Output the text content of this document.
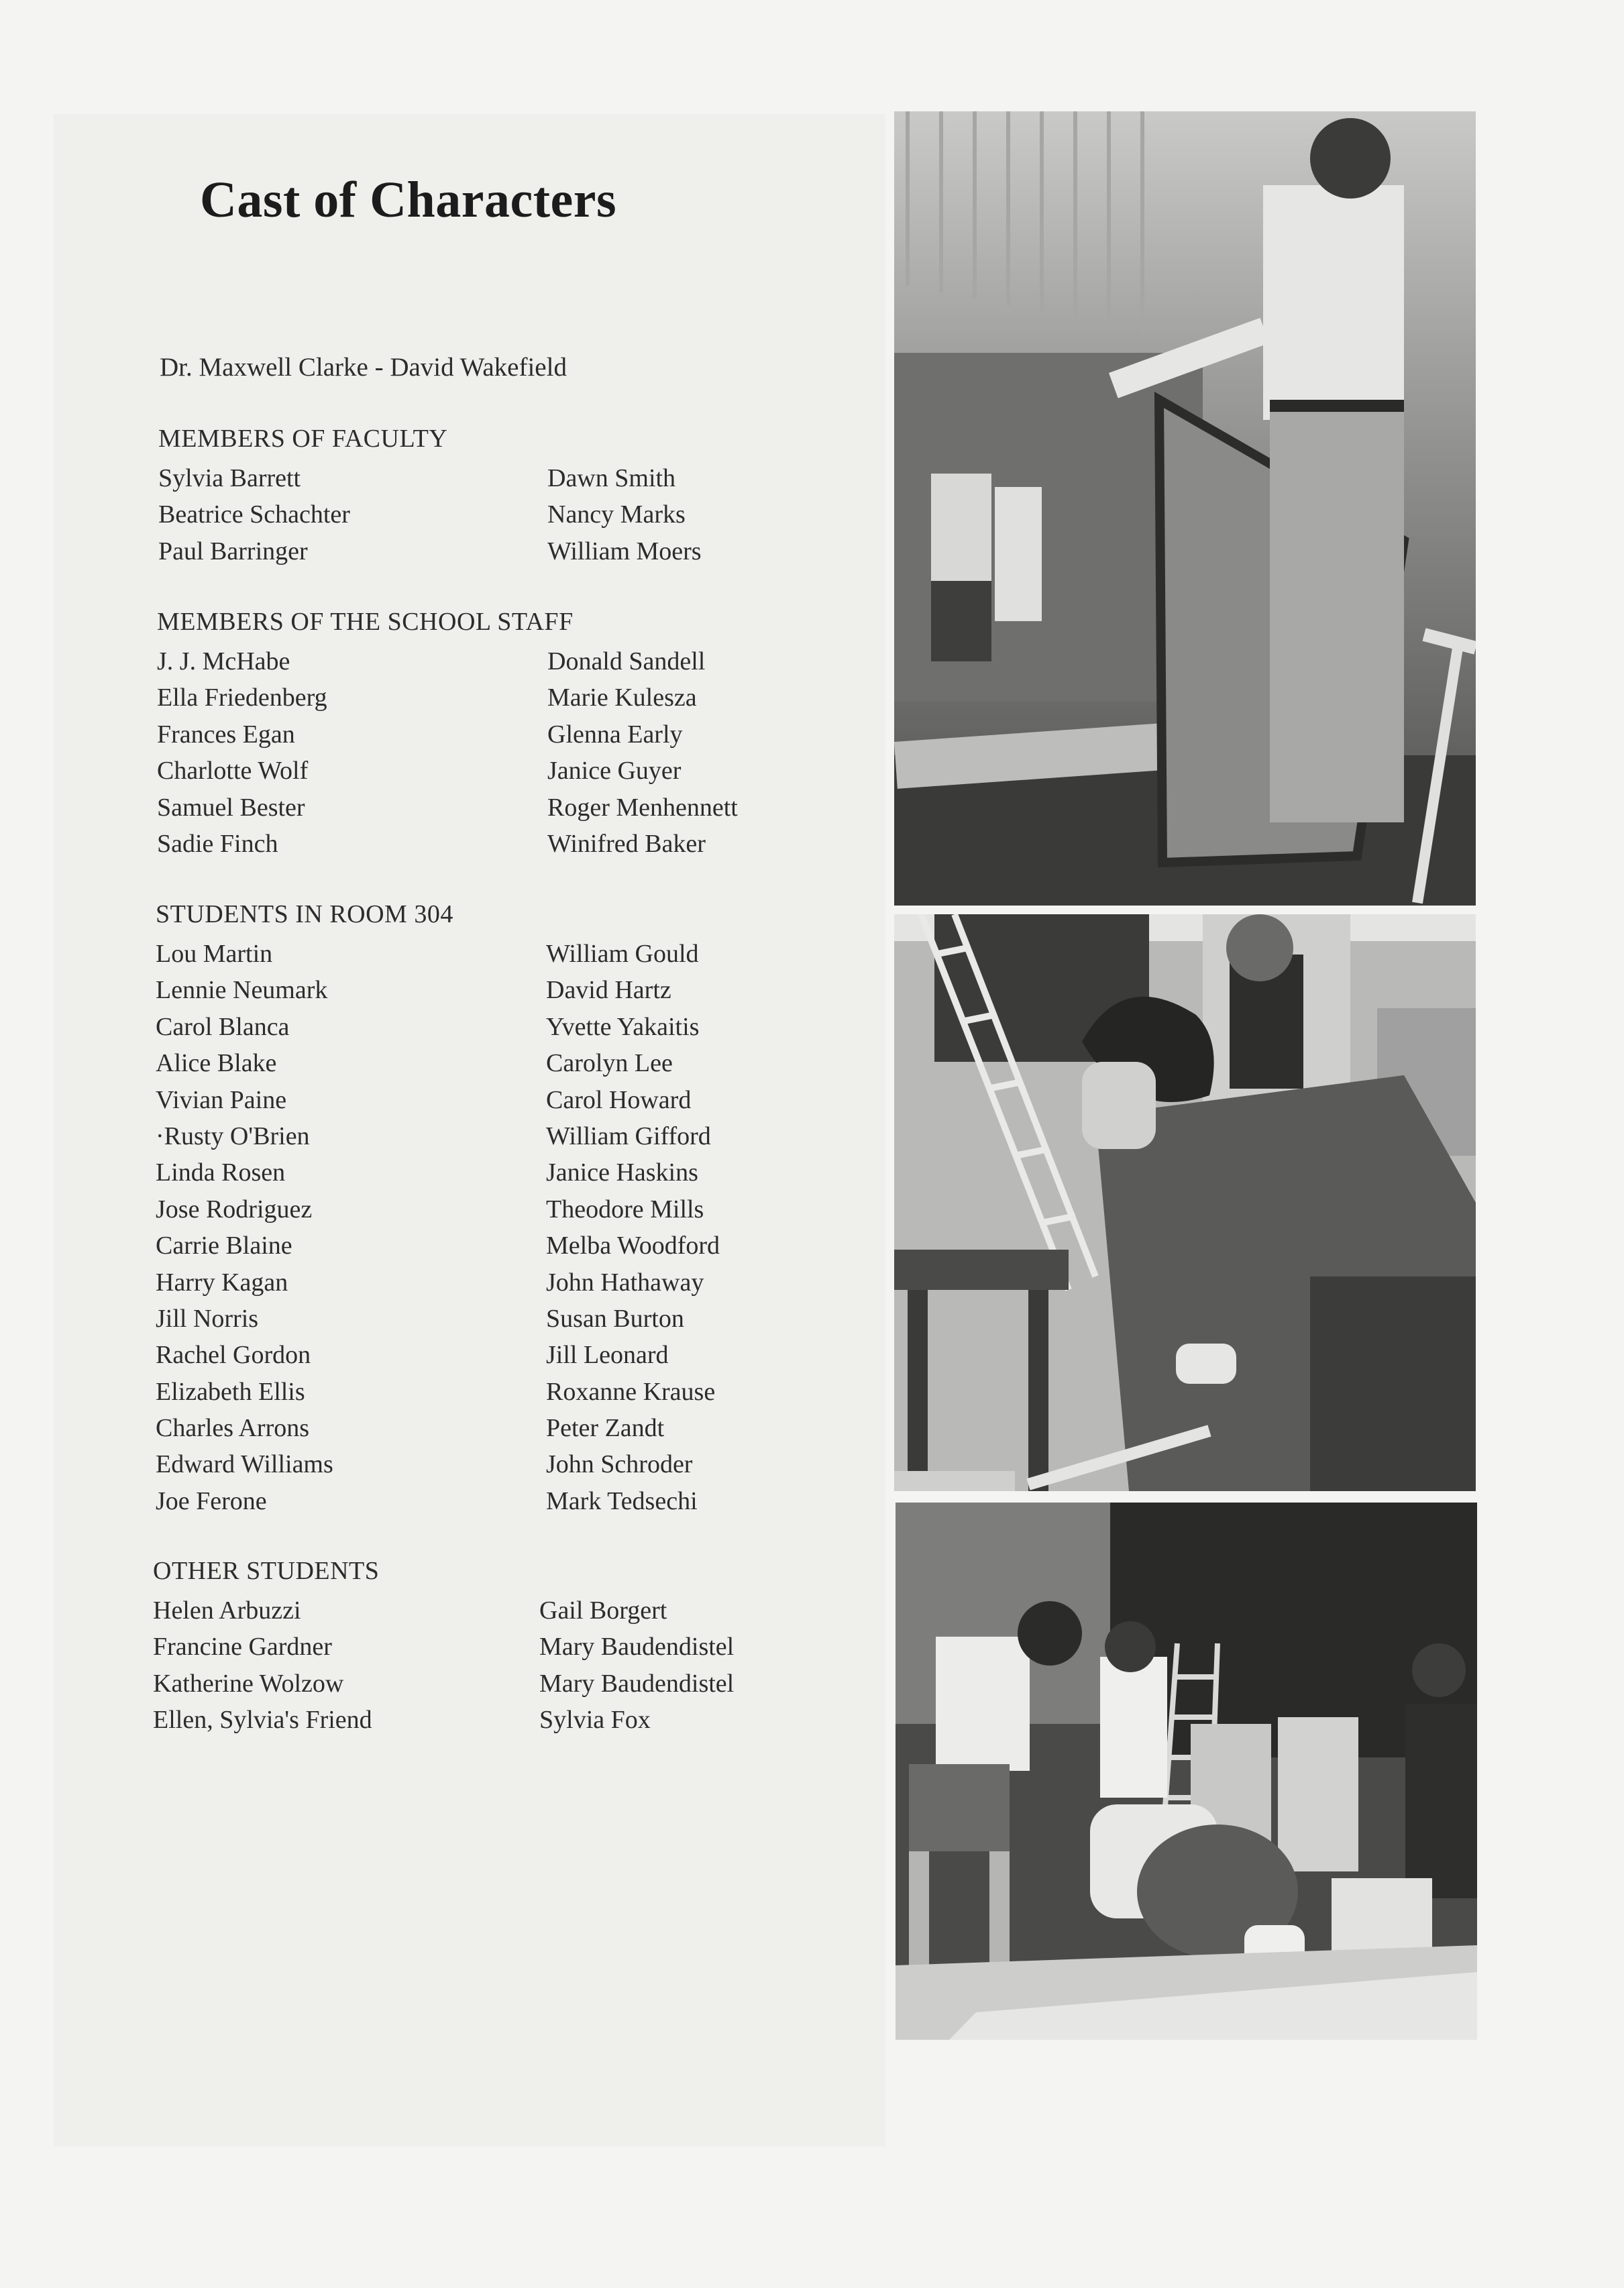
Cast of Characters
Dr. Maxwell Clarke - David Wakefield
MEMBERS OF FACULTY
Sylvia Barrett
Beatrice Schachter
Paul Barringer
Dawn Smith
Nancy Marks
William Moers
MEMBERS OF THE SCHOOL STAFF
J. J. McHabe
Ella Friedenberg
Frances Egan
Charlotte Wolf
Samuel Bester
Sadie Finch
Donald Sandell
Marie Kulesza
Glenna Early
Janice Guyer
Roger Menhennett
Winifred Baker
STUDENTS IN ROOM 304
Lou Martin
Lennie Neumark
Carol Blanca
Alice Blake
Vivian Paine
·Rusty O'Brien
Linda Rosen
Jose Rodriguez
Carrie Blaine
Harry Kagan
Jill Norris
Rachel Gordon
Elizabeth Ellis
Charles Arrons
Edward Williams
Joe Ferone
William Gould
David Hartz
Yvette Yakaitis
Carolyn Lee
Carol Howard
William Gifford
Janice Haskins
Theodore Mills
Melba Woodford
John Hathaway
Susan Burton
Jill Leonard
Roxanne Krause
Peter Zandt
John Schroder
Mark Tedsechi
OTHER STUDENTS
Helen Arbuzzi
Francine Gardner
Katherine Wolzow
Ellen, Sylvia's Friend
Gail Borgert
Mary Baudendistel
Mary Baudendistel
Sylvia Fox
